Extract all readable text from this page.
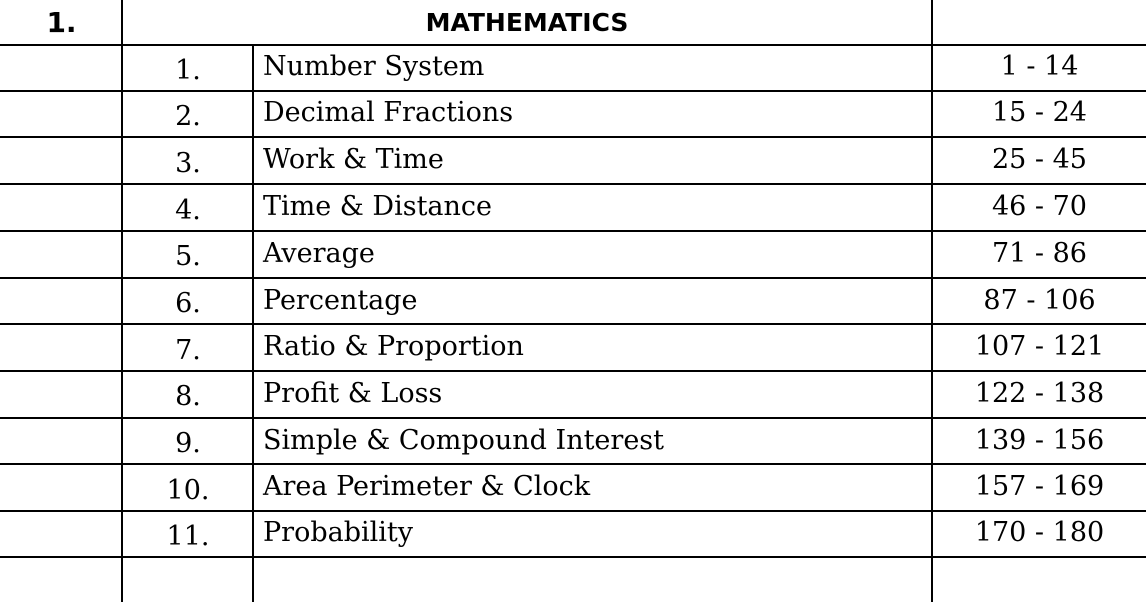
1.	MATHEMATICS
1.	Number System	1 - 14
2.	Decimal Fractions	15 - 24
3.	Work & Time	25 - 45
4.	Time & Distance	46 - 70
5.	Average	71 - 86
6.	Percentage	87 - 106
7.	Ratio & Proportion	107 - 121
8.	Profit & Loss	122 - 138
9.	Simple & Compound Interest	139 - 156
10.	Area Perimeter & Clock	157 - 169
11.	Probability	170 - 180
